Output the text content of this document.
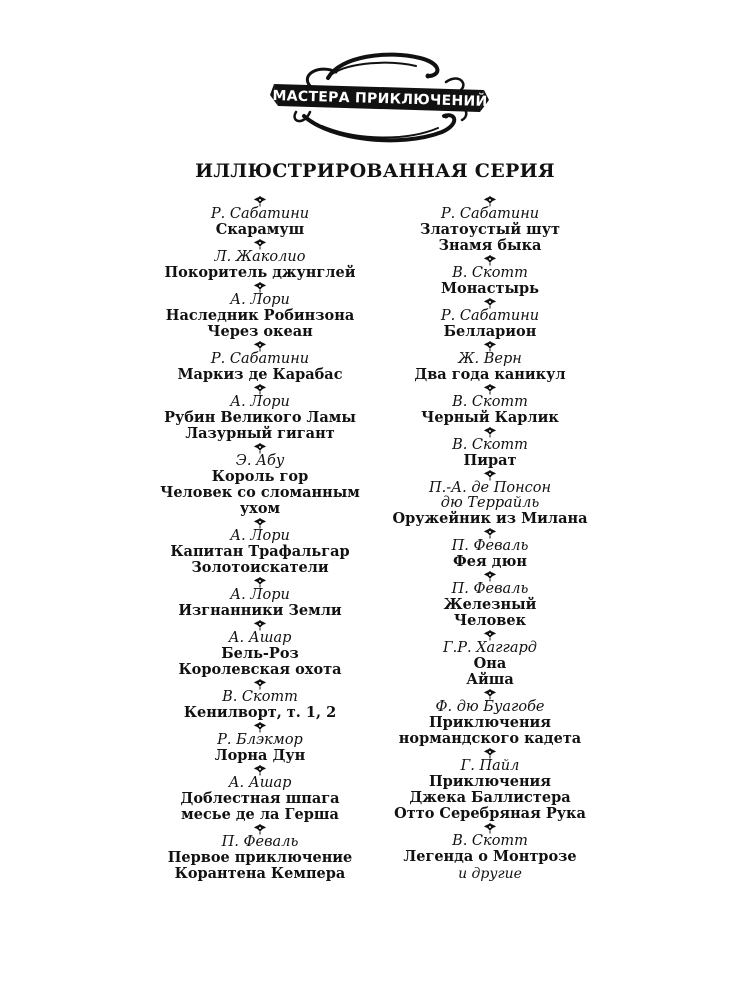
МАСТЕРА ПРИКЛЮЧЕНИЙ
ИЛЛЮСТРИРОВАННАЯ СЕРИЯ
Р. Сабатини
Скарамуш
Л. Жаколио
Покоритель джунглей
А. Лори
Наследник Робинзона
Через океан
Р. Сабатини
Маркиз де Карабас
А. Лори
Рубин Великого Ламы
Лазурный гигант
Э. Абу
Король гор
Человек со сломанным
ухом
А. Лори
Капитан Трафальгар
Золотоискатели
А. Лори
Изгнанники Земли
А. Ашар
Бель-Роз
Королевская охота
В. Скотт
Кенилворт, т. 1, 2
Р. Блэкмор
Лорна Дун
А. Ашар
Доблестная шпага
месье де ла Герша
П. Феваль
Первое приключение
Корантена Кемпера
Р. Сабатини
Златоустый шут
Знамя быка
В. Скотт
Монастырь
Р. Сабатини
Белларион
Ж. Верн
Два года каникул
В. Скотт
Черный Карлик
В. Скотт
Пират
П.-А. де Понсон
дю Террайль
Оружейник из Милана
П. Феваль
Фея дюн
П. Феваль
Железный
Человек
Г.Р. Хаггард
Она
Айша
Ф. дю Буагобе
Приключения
нормандского кадета
Г. Пайл
Приключения
Джека Баллистера
Отто Серебряная Рука
В. Скотт
Легенда о Монтрозе
и другие
